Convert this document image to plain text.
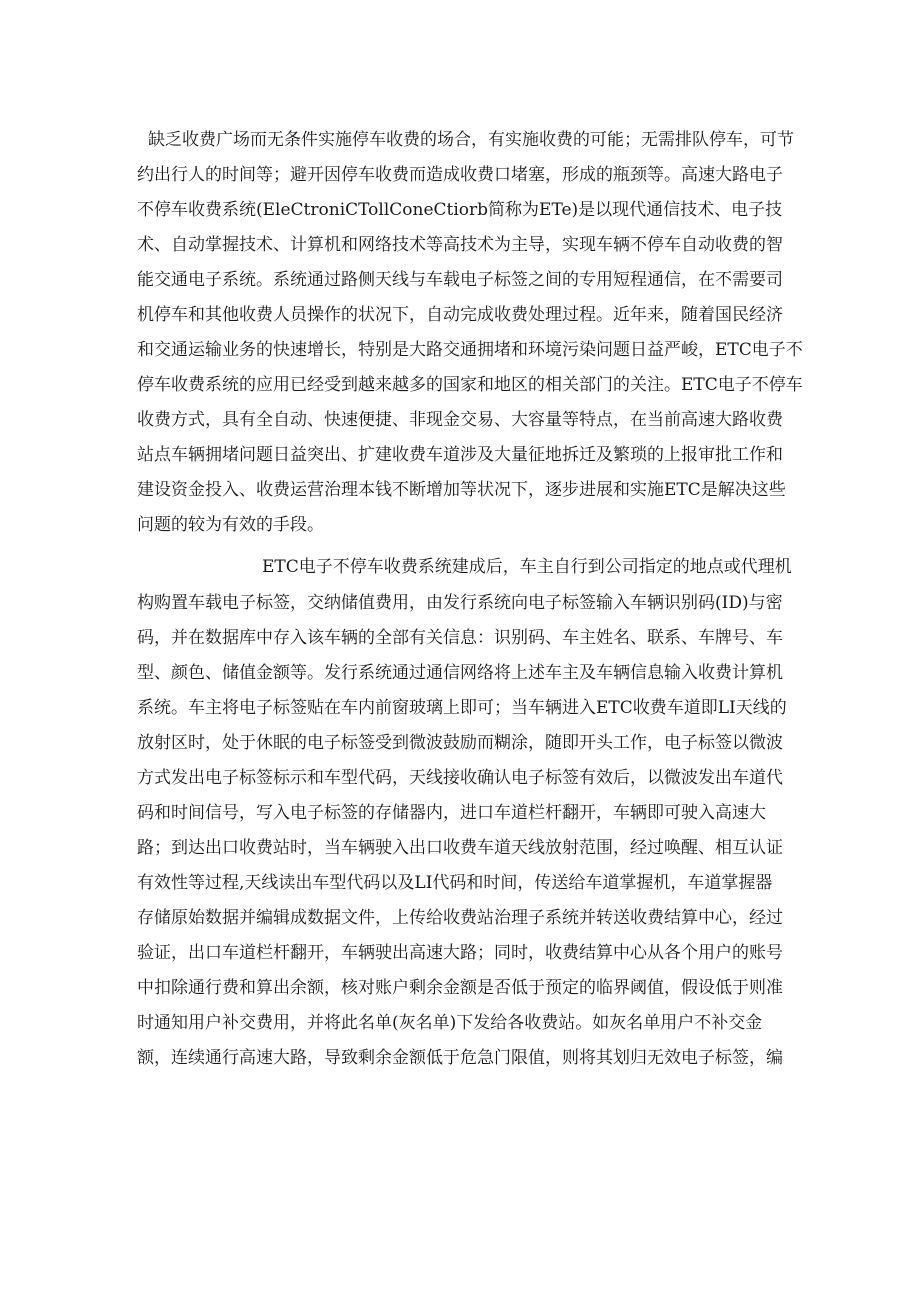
缺乏收费广场而无条件实施停车收费的场合，有实施收费的可能；无需排队停车，可节
约出行人的时间等；避开因停车收费而造成收费口堵塞，形成的瓶颈等。高速大路电子
不停车收费系统(EleCtroniCTollConeCtiorb简称为ETe)是以现代通信技术、电子技
术、自动掌握技术、计算机和网络技术等高技术为主导，实现车辆不停车自动收费的智
能交通电子系统。系统通过路侧天线与车载电子标签之间的专用短程通信，在不需要司
机停车和其他收费人员操作的状况下，自动完成收费处理过程。近年来，随着国民经济
和交通运输业务的快速增长，特别是大路交通拥堵和环境污染问题日益严峻，ETC电子不
停车收费系统的应用已经受到越来越多的国家和地区的相关部门的关注。ETC电子不停车
收费方式，具有全自动、快速便捷、非现金交易、大容量等特点，在当前高速大路收费
站点车辆拥堵问题日益突出、扩建收费车道涉及大量征地拆迁及繁琐的上报审批工作和
建设资金投入、收费运营治理本钱不断增加等状况下，逐步进展和实施ETC是解决这些
问题的较为有效的手段。
ETC电子不停车收费系统建成后，车主自行到公司指定的地点或代理机
构购置车载电子标签，交纳储值费用，由发行系统向电子标签输入车辆识别码(ID)与密
码，并在数据库中存入该车辆的全部有关信息：识别码、车主姓名、联系、车牌号、车
型、颜色、储值金额等。发行系统通过通信网络将上述车主及车辆信息输入收费计算机
系统。车主将电子标签贴在车内前窗玻璃上即可；当车辆进入ETC收费车道即LI天线的
放射区时，处于休眠的电子标签受到微波鼓励而糊涂，随即开头工作，电子标签以微波
方式发出电子标签标示和车型代码，天线接收确认电子标签有效后，以微波发出车道代
码和时间信号，写入电子标签的存储器内，进口车道栏杆翻开，车辆即可驶入高速大
路；到达出口收费站时，当车辆驶入出口收费车道天线放射范围，经过唤醒、相互认证
有效性等过程,天线读出车型代码以及LI代码和时间，传送给车道掌握机，车道掌握器
存储原始数据并编辑成数据文件，上传给收费站治理子系统并转送收费结算中心，经过
验证，出口车道栏杆翻开，车辆驶出高速大路；同时，收费结算中心从各个用户的账号
中扣除通行费和算出余额，核对账户剩余金额是否低于预定的临界阈值，假设低于则准
时通知用户补交费用，并将此名单(灰名单)下发给各收费站。如灰名单用户不补交金
额，连续通行高速大路，导致剩余金额低于危急门限值，则将其划归无效电子标签，编
